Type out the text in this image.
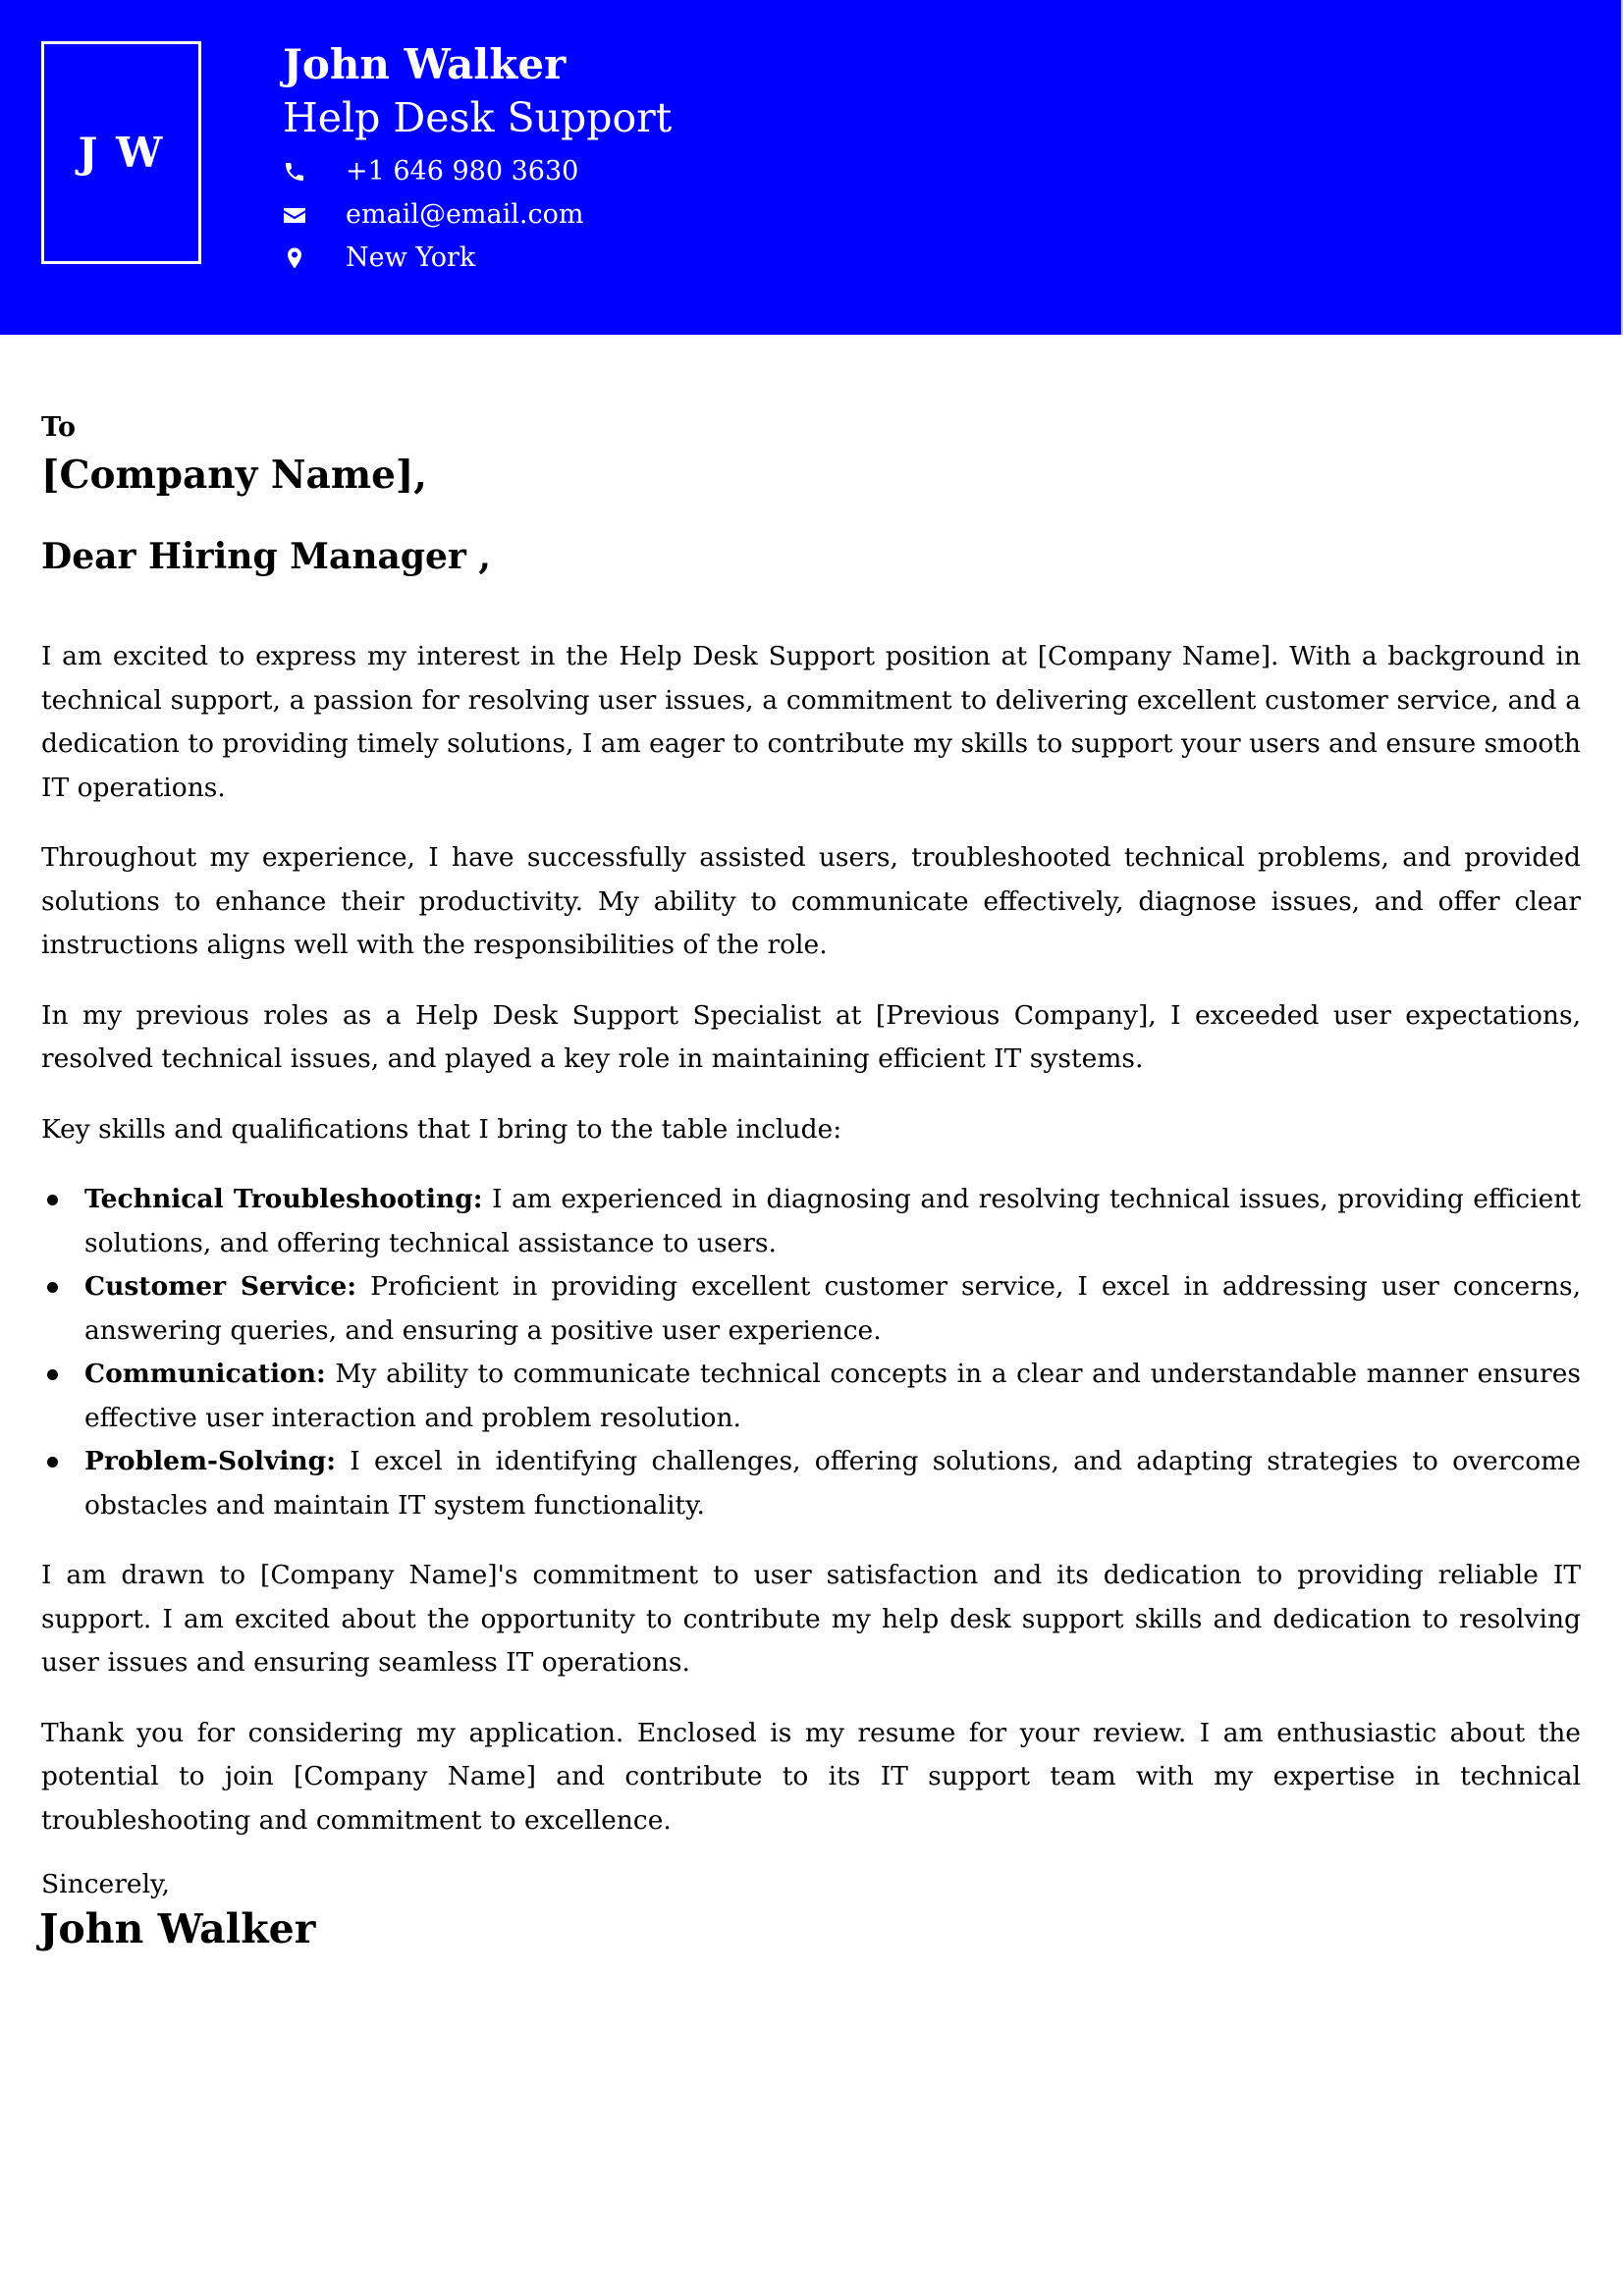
J W
John Walker
Help Desk Support
+1 646 980 3630
email@email.com
New York
To
[Company Name],
Dear Hiring Manager ,

I am excited to express my interest in the Help Desk Support position at [Company Name]. With a background in technical support, a passion for resolving user issues, a commitment to delivering excellent customer service, and a dedication to providing timely solutions, I am eager to contribute my skills to support your users and ensure smooth IT operations.

Throughout my experience, I have successfully assisted users, troubleshooted technical problems, and provided solutions to enhance their productivity. My ability to communicate effectively, diagnose issues, and offer clear instructions aligns well with the responsibilities of the role.

In my previous roles as a Help Desk Support Specialist at [Previous Company], I exceeded user expectations, resolved technical issues, and played a key role in maintaining efficient IT systems.

Key skills and qualifications that I bring to the table include:

Technical Troubleshooting: I am experienced in diagnosing and resolving technical issues, providing efficient solutions, and offering technical assistance to users.
Customer Service: Proficient in providing excellent customer service, I excel in addressing user concerns, answering queries, and ensuring a positive user experience.
Communication: My ability to communicate technical concepts in a clear and understandable manner ensures effective user interaction and problem resolution.
Problem-Solving: I excel in identifying challenges, offering solutions, and adapting strategies to overcome obstacles and maintain IT system functionality.

I am drawn to [Company Name]'s commitment to user satisfaction and its dedication to providing reliable IT support. I am excited about the opportunity to contribute my help desk support skills and dedication to resolving user issues and ensuring seamless IT operations.

Thank you for considering my application. Enclosed is my resume for your review. I am enthusiastic about the potential to join [Company Name] and contribute to its IT support team with my expertise in technical troubleshooting and commitment to excellence.

Sincerely,
John Walker
